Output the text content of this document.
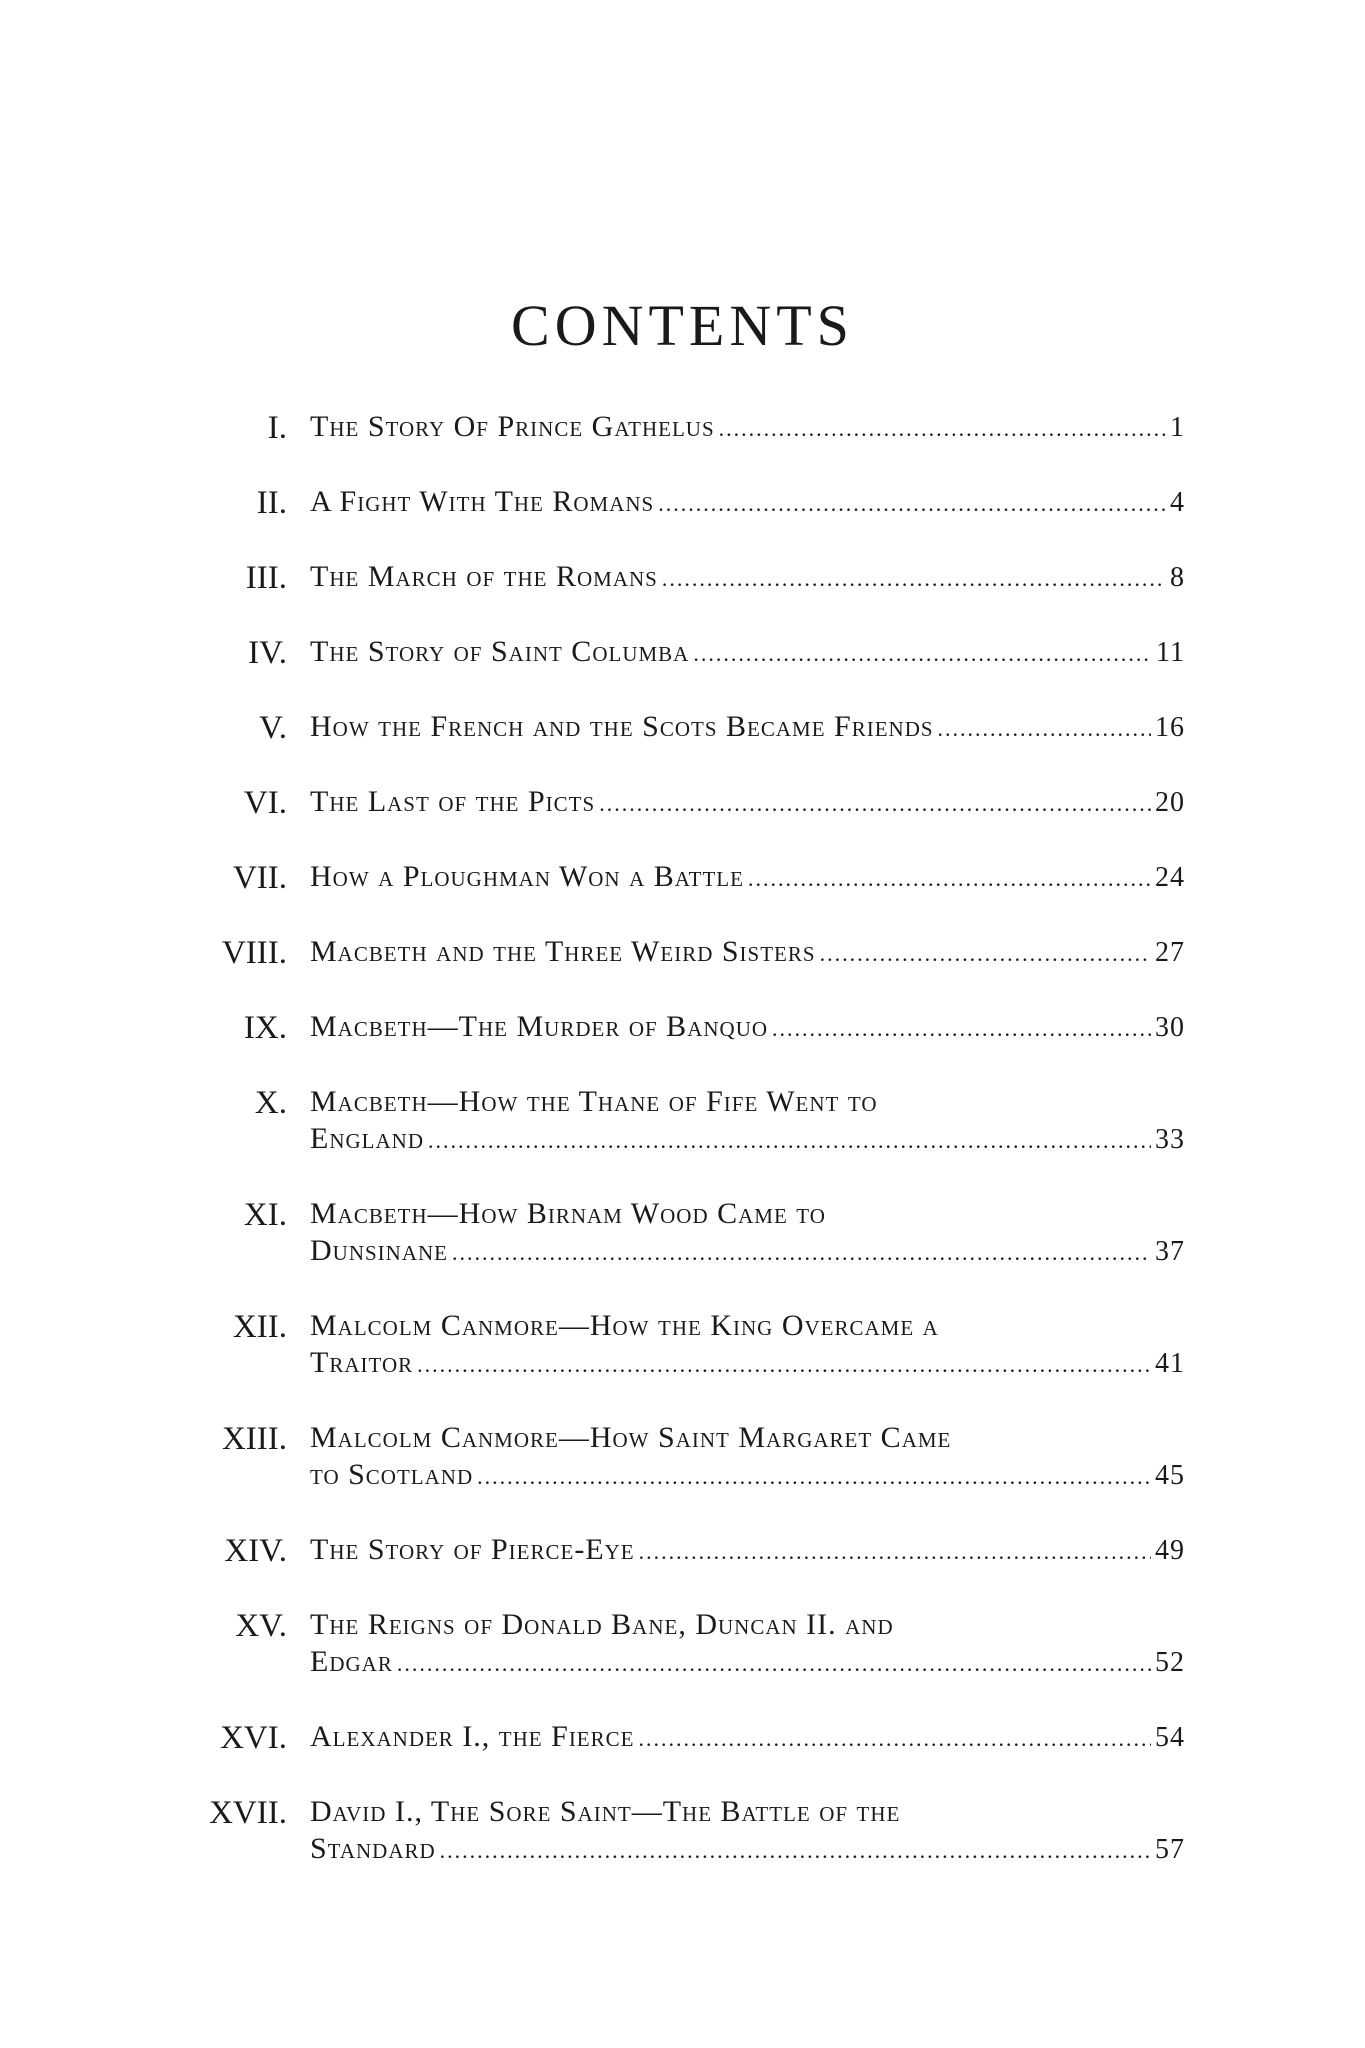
CONTENTS
I. The Story Of Prince Gathelus .....	1
II. A Fight With The Romans .....	4
III. The March of the Romans .....	8
IV. The Story of Saint Columba .....	11
V. How the French and the Scots Became Friends .....	16
VI. The Last of the Picts .....	20
VII. How a Ploughman Won a Battle .....	24
VIII. Macbeth and the Three Weird Sisters .....	27
IX. Macbeth—The Murder of Banquo .....	30
X. Macbeth—How the Thane of Fife Went to
England .....	33
XI. Macbeth—How Birnam Wood Came to
Dunsinane .....	37
XII. Malcolm Canmore—How the King Overcame a
Traitor .....	41
XIII. Malcolm Canmore—How Saint Margaret Came
to Scotland .....	45
XIV. The Story of Pierce-Eye .....	49
XV. The Reigns of Donald Bane, Duncan II. and
Edgar .....	52
XVI. Alexander I., the Fierce .....	54
XVII. David I., The Sore Saint—The Battle of the
Standard .....	57
